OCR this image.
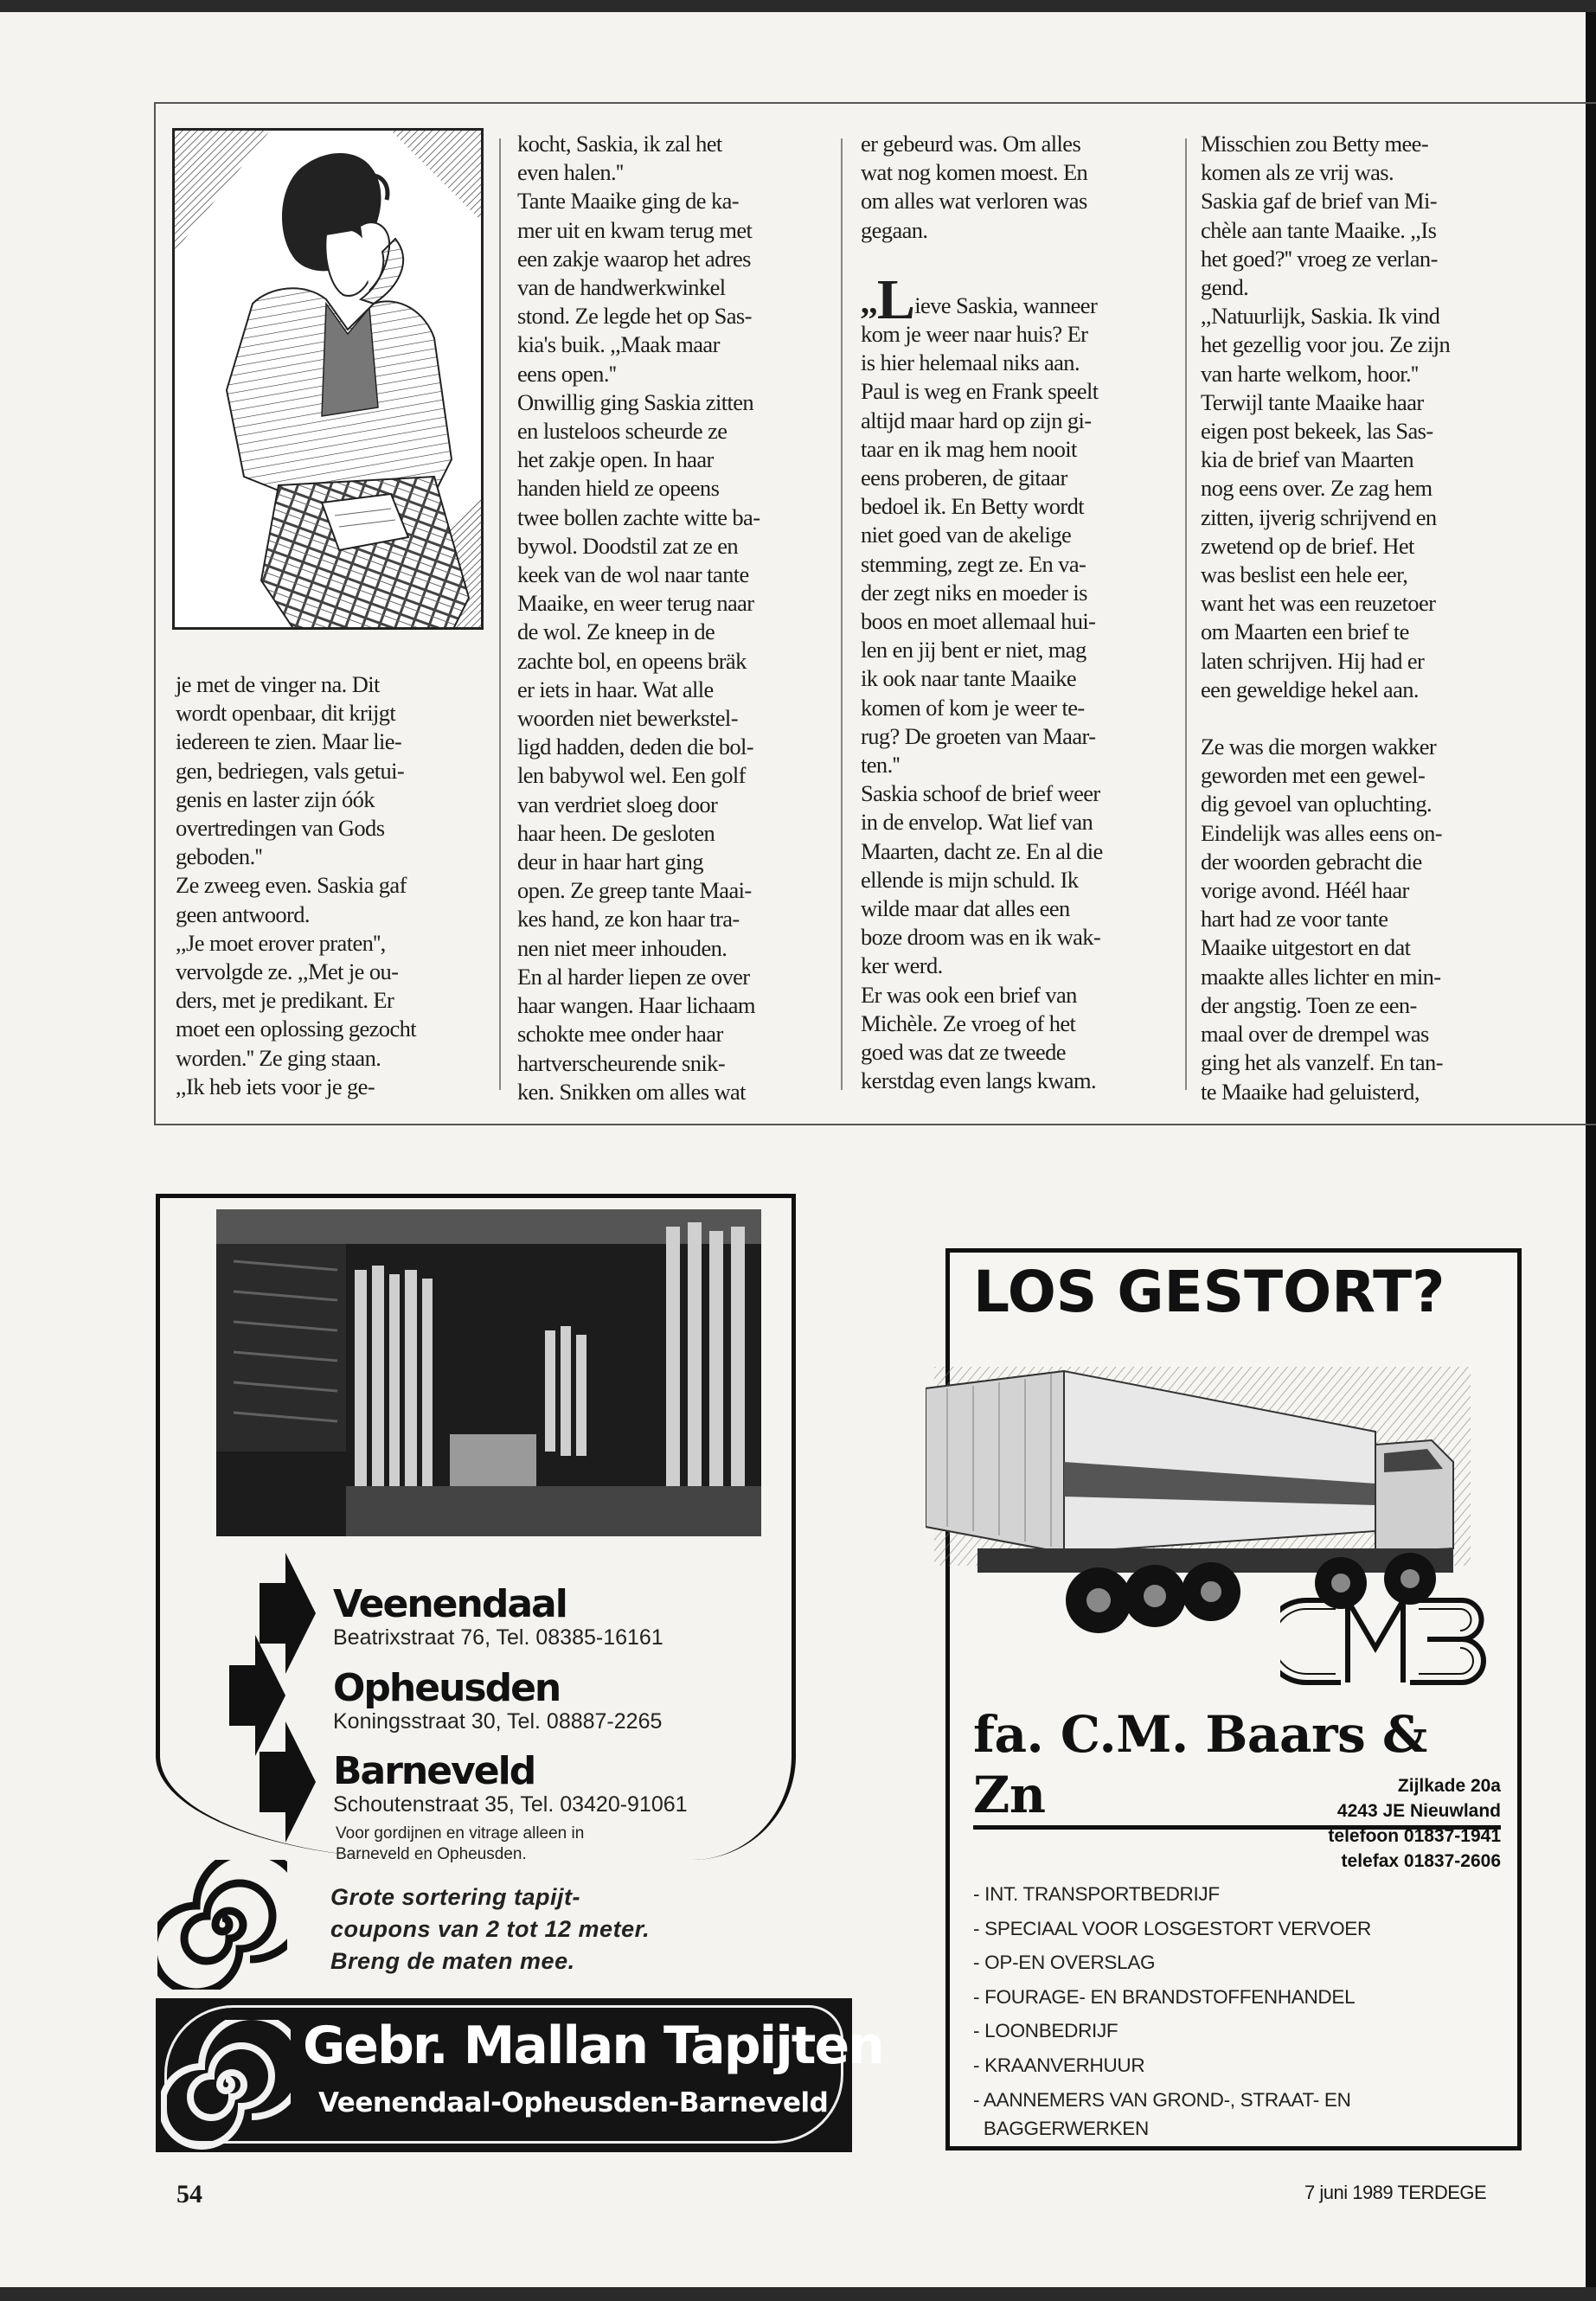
je met de vinger na. Dit

wordt openbaar, dit krijgt

iedereen te zien. Maar lie-

gen, bedriegen, vals getui-

genis en laster zijn óók

overtredingen van Gods

geboden.''

Ze zweeg even. Saskia gaf

geen antwoord.

,,Je moet erover praten'',

vervolgde ze. ,,Met je ou-

ders, met je predikant. Er

moet een oplossing gezocht

worden.'' Ze ging staan.

,,Ik heb iets voor je ge-

kocht, Saskia, ik zal het

even halen.''

Tante Maaike ging de ka-

mer uit en kwam terug met

een zakje waarop het adres

van de handwerkwinkel

stond. Ze legde het op Sas-

kia's buik. ,,Maak maar

eens open.''

Onwillig ging Saskia zitten

en lusteloos scheurde ze

het zakje open. In haar

handen hield ze opeens

twee bollen zachte witte ba-

bywol. Doodstil zat ze en

keek van de wol naar tante

Maaike, en weer terug naar

de wol. Ze kneep in de

zachte bol, en opeens bräk

er iets in haar. Wat alle

woorden niet bewerkstel-

ligd hadden, deden die bol-

len babywol wel. Een golf

van verdriet sloeg door

haar heen. De gesloten

deur in haar hart ging

open. Ze greep tante Maai-

kes hand, ze kon haar tra-

nen niet meer inhouden.

En al harder liepen ze over

haar wangen. Haar lichaam

schokte mee onder haar

hartverscheurende snik-

ken. Snikken om alles wat

er gebeurd was. Om alles

wat nog komen moest. En

om alles wat verloren was

gegaan.

,,Lieve Saskia, wanneer

kom je weer naar huis? Er

is hier helemaal niks aan.

Paul is weg en Frank speelt

altijd maar hard op zijn gi-

taar en ik mag hem nooit

eens proberen, de gitaar

bedoel ik. En Betty wordt

niet goed van de akelige

stemming, zegt ze. En va-

der zegt niks en moeder is

boos en moet allemaal hui-

len en jij bent er niet, mag

ik ook naar tante Maaike

komen of kom je weer te-

rug? De groeten van Maar-

ten.''

Saskia schoof de brief weer

in de envelop. Wat lief van

Maarten, dacht ze. En al die

ellende is mijn schuld. Ik

wilde maar dat alles een

boze droom was en ik wak-

ker werd.

Er was ook een brief van

Michèle. Ze vroeg of het

goed was dat ze tweede

kerstdag even langs kwam.

Misschien zou Betty mee-

komen als ze vrij was.

Saskia gaf de brief van Mi-

chèle aan tante Maaike. ,,Is

het goed?'' vroeg ze verlan-

gend.

,,Natuurlijk, Saskia. Ik vind

het gezellig voor jou. Ze zijn

van harte welkom, hoor.''

Terwijl tante Maaike haar

eigen post bekeek, las Sas-

kia de brief van Maarten

nog eens over. Ze zag hem

zitten, ijverig schrijvend en

zwetend op de brief. Het

was beslist een hele eer,

want het was een reuzetoer

om Maarten een brief te

laten schrijven. Hij had er

een geweldige hekel aan.

Ze was die morgen wakker

geworden met een gewel-

dig gevoel van opluchting.

Eindelijk was alles eens on-

der woorden gebracht die

vorige avond. Héél haar

hart had ze voor tante

Maaike uitgestort en dat

maakte alles lichter en min-

der angstig. Toen ze een-

maal over de drempel was

ging het als vanzelf. En tan-

te Maaike had geluisterd,

Veenendaal
Beatrixstraat 76, Tel. 08385-16161
Opheusden
Koningsstraat 30, Tel. 08887-2265
Barneveld
Schoutenstraat 35, Tel. 03420-91061
Voor gordijnen en vitrage alleen in
Barneveld en Opheusden.
Grote sortering tapijt-
coupons van 2 tot 12 meter.
Breng de maten mee.
Gebr. Mallan Tapijten
Veenendaal-Opheusden-Barneveld
LOS GESTORT?
fa. C.M. Baars & Zn	Zijlkade 20a
4243 JE Nieuwland
telefoon 01837-1941
telefax 01837-2606
- INT. TRANSPORTBEDRIJF
- SPECIAAL VOOR LOSGESTORT VERVOER
- OP-EN OVERSLAG
- FOURAGE- EN BRANDSTOFFENHANDEL
- LOONBEDRIJF
- KRAANVERHUUR
- AANNEMERS VAN GROND-, STRAAT- EN
BAGGERWERKEN
54	7 juni 1989 TERDEGE
